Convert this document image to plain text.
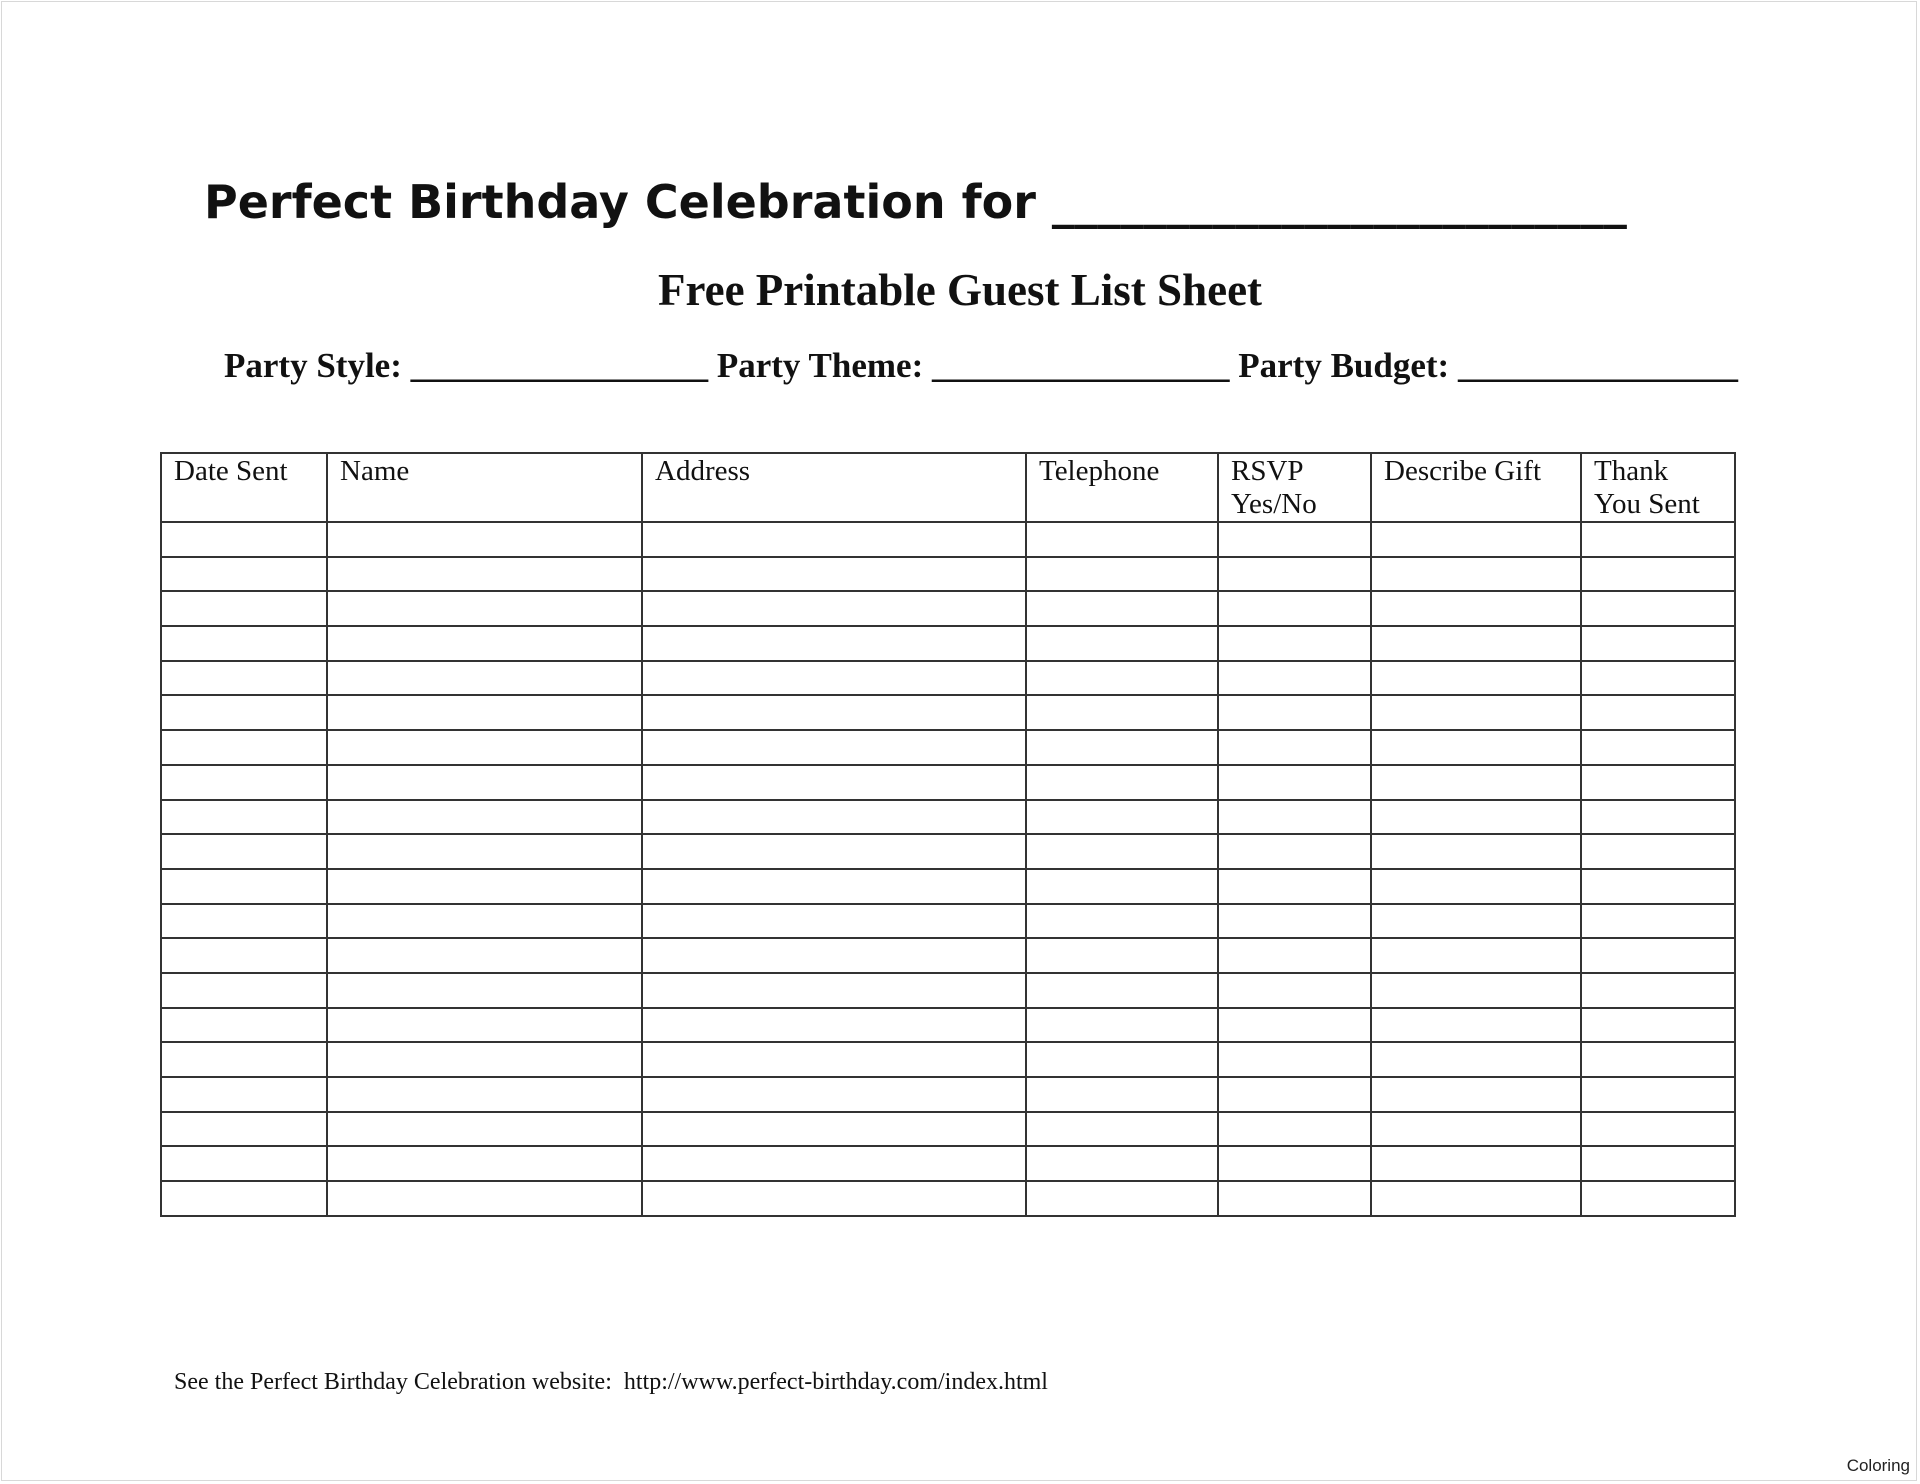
Perfect Birthday Celebration for _________________________
Free Printable Guest List Sheet
Party Style: _________________ Party Theme: _________________ Party Budget: ________________
Date Sent	Name	Address	Telephone	RSVP Yes/No	Describe Gift	Thank You Sent

See the Perfect Birthday Celebration website:  http://www.perfect-birthday.com/index.html
Coloring
